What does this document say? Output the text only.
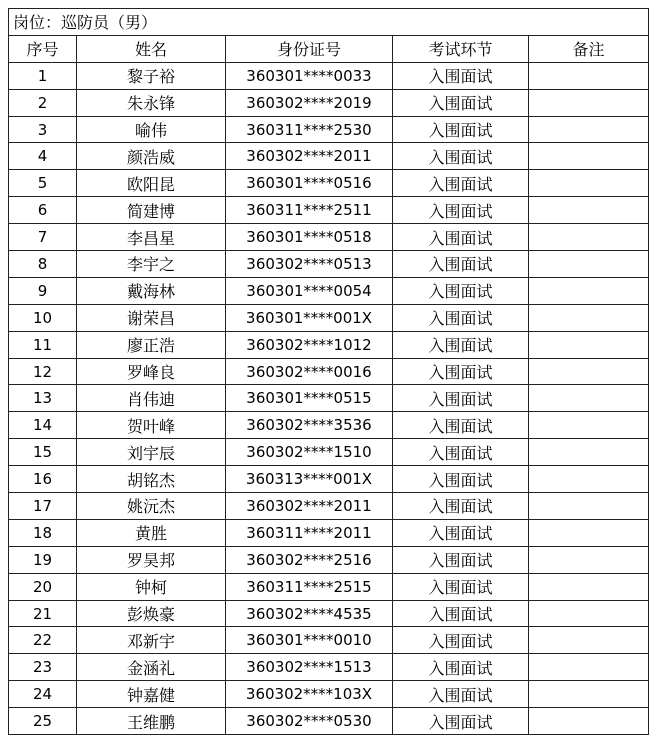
岗位：巡防员（男）				
序号	姓名	身份证号	考试环节	备注
1	黎子裕	360301****0033	入围面试	
2	朱永锋	360302****2019	入围面试	
3	喻伟	360311****2530	入围面试	
4	颜浩威	360302****2011	入围面试	
5	欧阳昆	360301****0516	入围面试	
6	简建博	360311****2511	入围面试	
7	李昌星	360301****0518	入围面试	
8	李宇之	360302****0513	入围面试	
9	戴海林	360301****0054	入围面试	
10	谢荣昌	360301****001X	入围面试	
11	廖正浩	360302****1012	入围面试	
12	罗峰良	360302****0016	入围面试	
13	肖伟迪	360301****0515	入围面试	
14	贺叶峰	360302****3536	入围面试	
15	刘宇辰	360302****1510	入围面试	
16	胡铭杰	360313****001X	入围面试	
17	姚沅杰	360302****2011	入围面试	
18	黄胜	360311****2011	入围面试	
19	罗昊邦	360302****2516	入围面试	
20	钟柯	360311****2515	入围面试	
21	彭焕豪	360302****4535	入围面试	
22	邓新宇	360301****0010	入围面试	
23	金涵礼	360302****1513	入围面试	
24	钟嘉健	360302****103X	入围面试	
25	王维鹏	360302****0530	入围面试	
